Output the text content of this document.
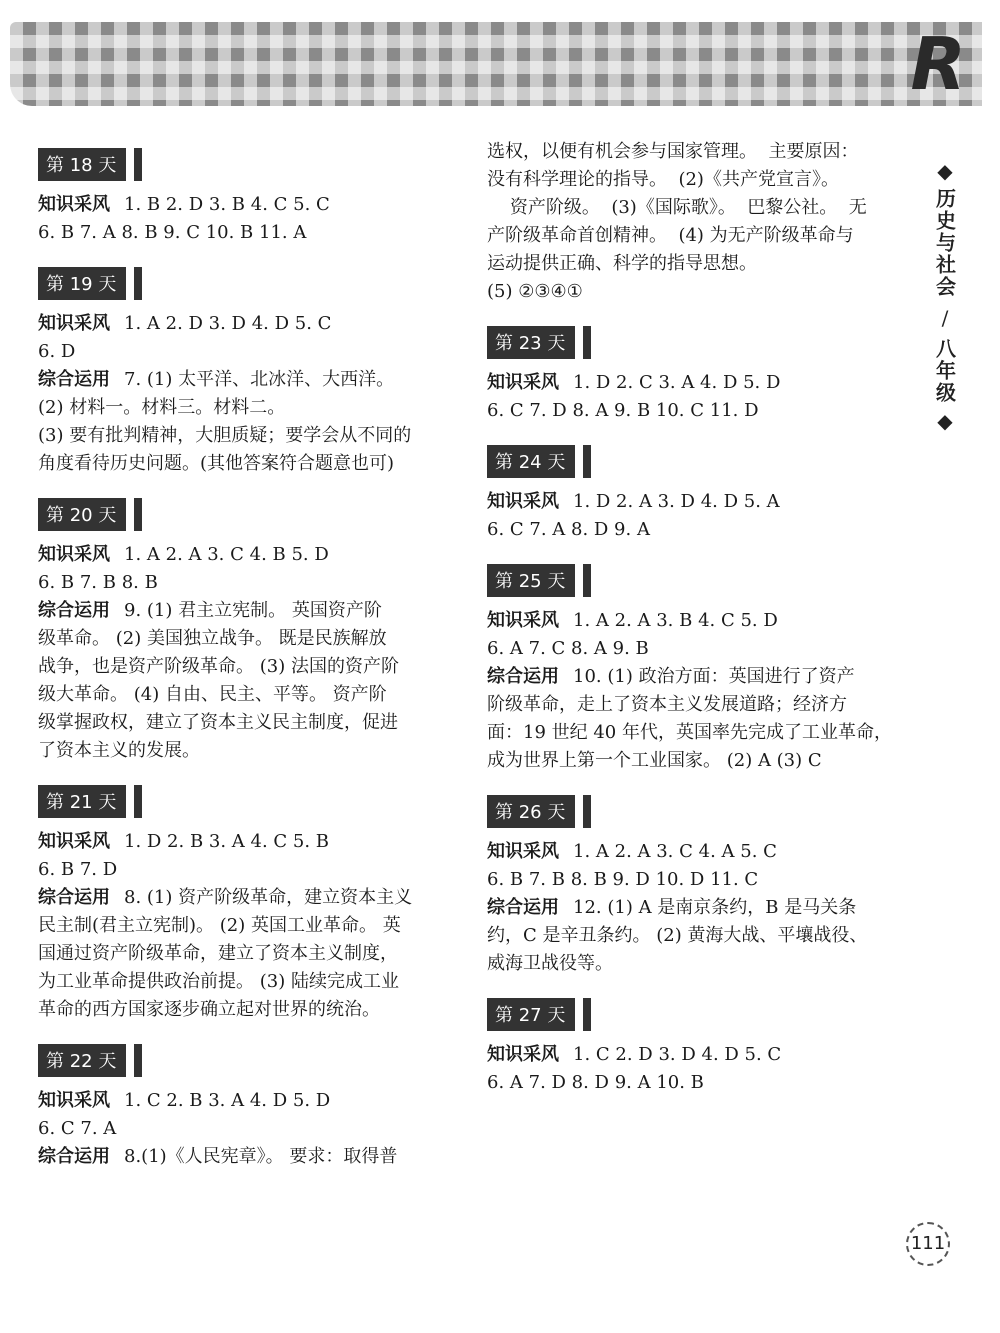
R
◆
历史与社会
/
八年级
◆
第 18 天
知识采风 1. B 2. D 3. B 4. C 5. C
6. B 7. A 8. B 9. C 10. B 11. A
第 19 天
知识采风 1. A 2. D 3. D 4. D 5. C
6. D
综合运用 7. (1) 太平洋、北冰洋、大西洋。
(2) 材料一。材料三。材料二。
(3) 要有批判精神，大胆质疑；要学会从不同的
角度看待历史问题。(其他答案符合题意也可)
第 20 天
知识采风 1. A 2. A 3. C 4. B 5. D
6. B 7. B 8. B
综合运用 9. (1) 君主立宪制。 英国资产阶
级革命。 (2) 美国独立战争。 既是民族解放
战争，也是资产阶级革命。 (3) 法国的资产阶
级大革命。 (4) 自由、民主、平等。 资产阶
级掌握政权，建立了资本主义民主制度，促进
了资本主义的发展。
第 21 天
知识采风 1. D 2. B 3. A 4. C 5. B
6. B 7. D
综合运用 8. (1) 资产阶级革命，建立资本主义
民主制(君主立宪制)。 (2) 英国工业革命。 英
国通过资产阶级革命，建立了资本主义制度，
为工业革命提供政治前提。 (3) 陆续完成工业
革命的西方国家逐步确立起对世界的统治。
第 22 天
知识采风 1. C 2. B 3. A 4. D 5. D
6. C 7. A
综合运用 8.(1)《人民宪章》。 要求：取得普
选权，以便有机会参与国家管理。  主要原因：
没有科学理论的指导。  (2)《共产党宣言》。
资产阶级。  (3)《国际歌》。  巴黎公社。  无
产阶级革命首创精神。  (4) 为无产阶级革命与
运动提供正确、科学的指导思想。
(5) ②③④①
第 23 天
知识采风 1. D 2. C 3. A 4. D 5. D
6. C 7. D 8. A 9. B 10. C 11. D
第 24 天
知识采风 1. D 2. A 3. D 4. D 5. A
6. C 7. A 8. D 9. A
第 25 天
知识采风 1. A 2. A 3. B 4. C 5. D
6. A 7. C 8. A 9. B
综合运用 10. (1) 政治方面：英国进行了资产
阶级革命，走上了资本主义发展道路；经济方
面：19 世纪 40 年代，英国率先完成了工业革命，
成为世界上第一个工业国家。 (2) A (3) C
第 26 天
知识采风 1. A 2. A 3. C 4. A 5. C
6. B 7. B 8. B 9. D 10. D 11. C
综合运用 12. (1) A 是南京条约，B 是马关条
约，C 是辛丑条约。 (2) 黄海大战、平壤战役、
威海卫战役等。
第 27 天
知识采风 1. C 2. D 3. D 4. D 5. C
6. A 7. D 8. D 9. A 10. B
111
